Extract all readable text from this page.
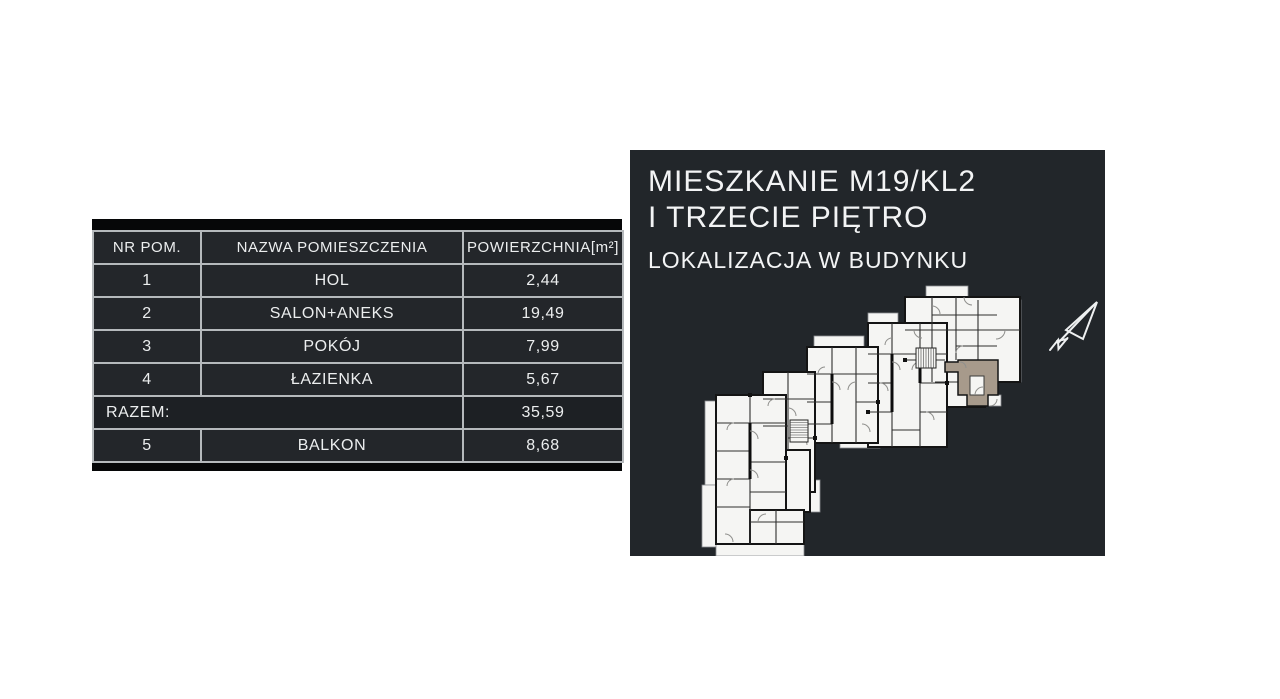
NR POM.	NAZWA POMIESZCZENIA	POWIERZCHNIA[m²]
1	HOL	2,44
2	SALON+ANEKS	19,49
3	POKÓJ	7,99
4	ŁAZIENKA	5,67
RAZEM:		35,59
5	BALKON	8,68
MIESZKANIE M19/KL2
I TRZECIE PIĘTRO
LOKALIZACJA W BUDYNKU
